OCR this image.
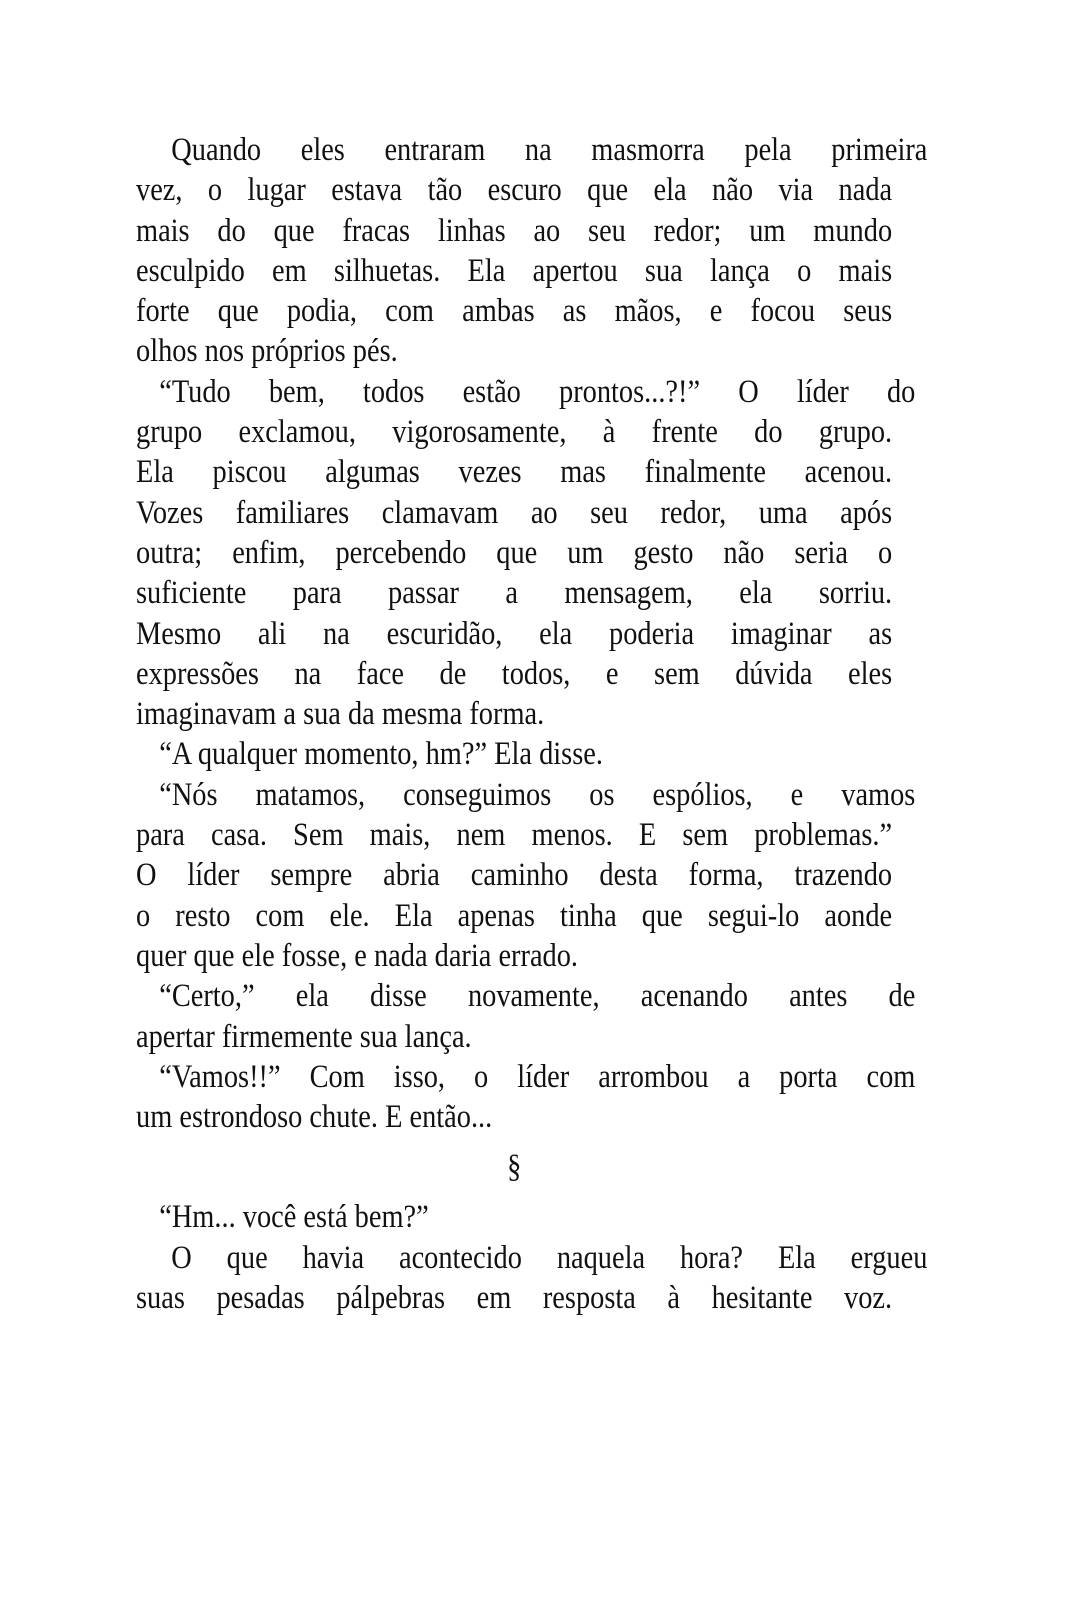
Quando eles entraram na masmorra pela primeira
vez, o lugar estava tão escuro que ela não via nada
mais do que fracas linhas ao seu redor; um mundo
esculpido em silhuetas. Ela apertou sua lança o mais
forte que podia, com ambas as mãos, e focou seus
olhos nos próprios pés.
“Tudo bem, todos estão prontos...?!” O líder do
grupo exclamou, vigorosamente, à frente do grupo.
Ela piscou algumas vezes mas finalmente acenou.
Vozes familiares clamavam ao seu redor, uma após
outra; enfim, percebendo que um gesto não seria o
suficiente para passar a mensagem, ela sorriu.
Mesmo ali na escuridão, ela poderia imaginar as
expressões na face de todos, e sem dúvida eles
imaginavam a sua da mesma forma.
“A qualquer momento, hm?” Ela disse.
“Nós matamos, conseguimos os espólios, e vamos
para casa. Sem mais, nem menos. E sem problemas.”
O líder sempre abria caminho desta forma, trazendo
o resto com ele. Ela apenas tinha que segui-lo aonde
quer que ele fosse, e nada daria errado.
“Certo,” ela disse novamente, acenando antes de
apertar firmemente sua lança.
“Vamos!!” Com isso, o líder arrombou a porta com
um estrondoso chute. E então...
§
“Hm... você está bem?”
O que havia acontecido naquela hora? Ela ergueu
suas pesadas pálpebras em resposta à hesitante voz.
